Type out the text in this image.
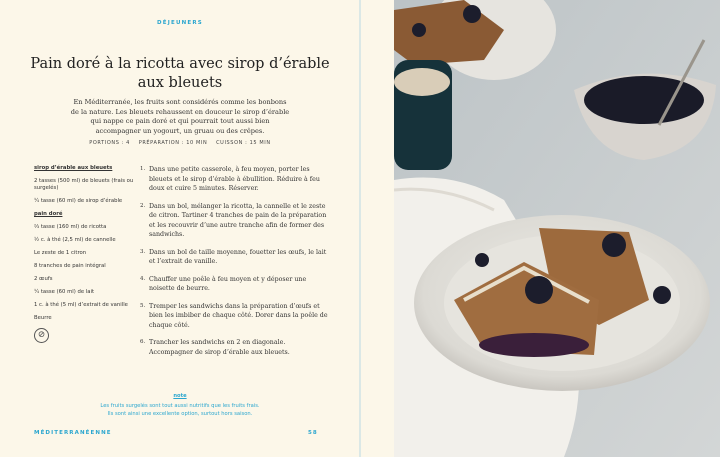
DÉJEUNERS
Pain doré à la ricotta avec sirop d’érable aux bleuets

En Méditerranée, les fruits sont considérés comme les bonbons de la nature. Les bleuets rehaussent en douceur le sirop d’érable qui nappe ce pain doré et qui pourrait tout aussi bien accompagner un yogourt, un gruau ou des crêpes.

PORTIONS : 4    PRÉPARATION : 10 MIN    CUISSON : 15 MIN
sirop d’érable aux bleuets
2 tasses (500 ml) de bleuets (frais ou surgelés)
¼ tasse (60 ml) de sirop d’érable
pain doré
⅔ tasse (160 ml) de ricotta
½ c. à thé (2,5 ml) de cannelle
Le zeste de 1 citron
8 tranches de pain intégral
2 œufs
¼ tasse (60 ml) de lait
1 c. à thé (5 ml) d’extrait de vanille
Beurre
⊘
1. Dans une petite casserole, à feu moyen, porter les bleuets et le sirop d’érable à ébullition. Réduire à feu doux et cuire 5 minutes. Réserver.
2. Dans un bol, mélanger la ricotta, la cannelle et le zeste de citron. Tartiner 4 tranches de pain de la préparation et les recouvrir d’une autre tranche afin de former des sandwichs.
3. Dans un bol de taille moyenne, fouetter les œufs, le lait et l’extrait de vanille.
4. Chauffer une poêle à feu moyen et y déposer une noisette de beurre.
5. Tremper les sandwichs dans la préparation d’œufs et bien les imbiber de chaque côté. Dorer dans la poêle de chaque côté.
6. Trancher les sandwichs en 2 en diagonale. Accompagner de sirop d’érable aux bleuets.
note
Les fruits surgelés sont tout aussi nutritifs que les fruits frais.
Ils sont ainsi une excellente option, surtout hors saison.
MÉDITERRANÉENNE	58
